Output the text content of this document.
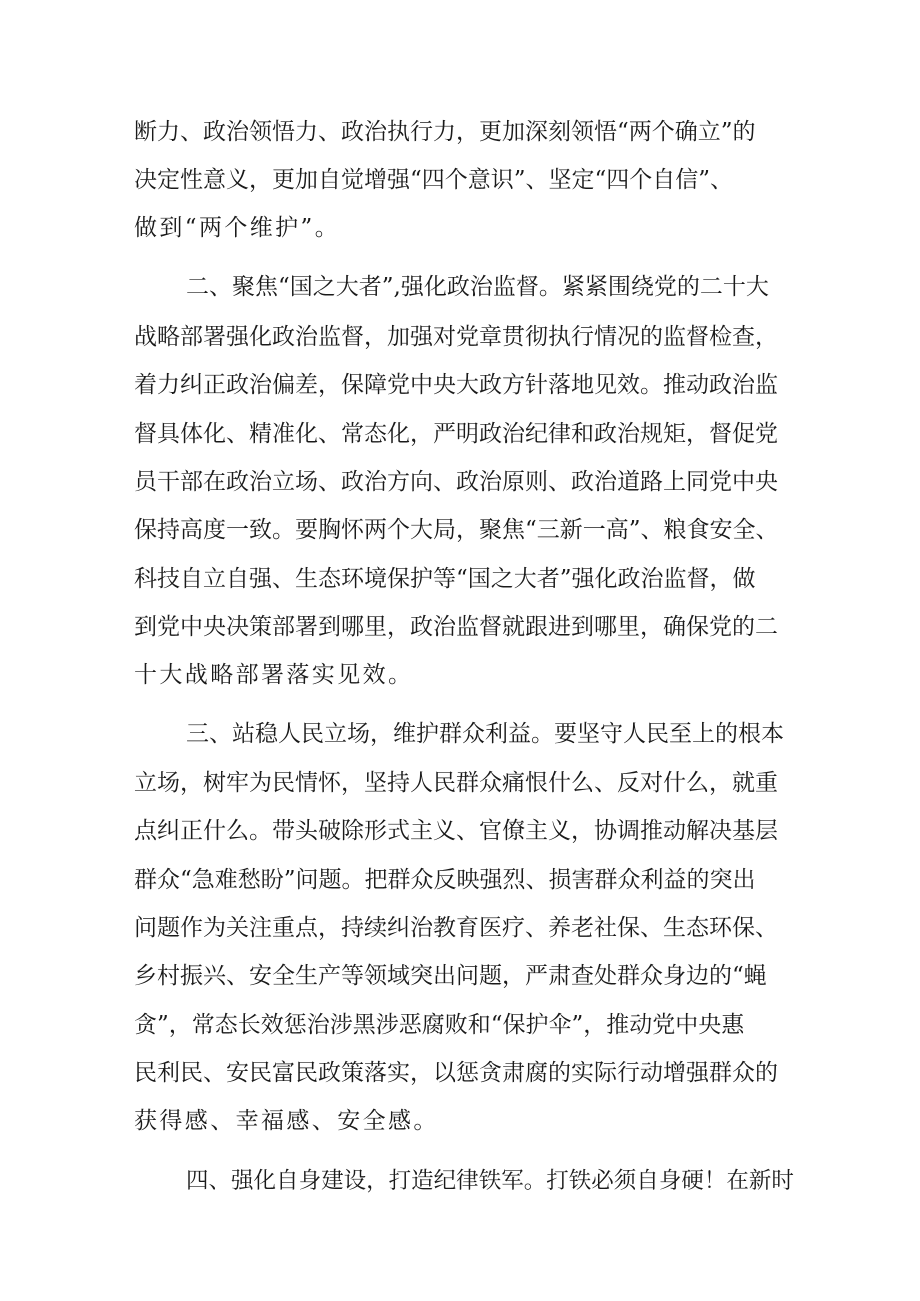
断力、政治领悟力、政治执行力，更加深刻领悟“两个确立”的
决定性意义，更加自觉增强“四个意识”、坚定“四个自信”、
做到“两个维护”。
二、聚焦“国之大者”,强化政治监督。紧紧围绕党的二十大
战略部署强化政治监督，加强对党章贯彻执行情况的监督检查，
着力纠正政治偏差，保障党中央大政方针落地见效。推动政治监
督具体化、精准化、常态化，严明政治纪律和政治规矩，督促党
员干部在政治立场、政治方向、政治原则、政治道路上同党中央
保持高度一致。要胸怀两个大局，聚焦“三新一高”、粮食安全、
科技自立自强、生态环境保护等“国之大者”强化政治监督，做
到党中央决策部署到哪里，政治监督就跟进到哪里，确保党的二
十大战略部署落实见效。
三、站稳人民立场，维护群众利益。要坚守人民至上的根本
立场，树牢为民情怀，坚持人民群众痛恨什么、反对什么，就重
点纠正什么。带头破除形式主义、官僚主义，协调推动解决基层
群众“急难愁盼”问题。把群众反映强烈、损害群众利益的突出
问题作为关注重点，持续纠治教育医疗、养老社保、生态环保、
乡村振兴、安全生产等领域突出问题，严肃查处群众身边的“蝇
贪”，常态长效惩治涉黑涉恶腐败和“保护伞”，推动党中央惠
民利民、安民富民政策落实，以惩贪肃腐的实际行动增强群众的
获得感、幸福感、安全感。
四、强化自身建设，打造纪律铁军。打铁必须自身硬！在新时
